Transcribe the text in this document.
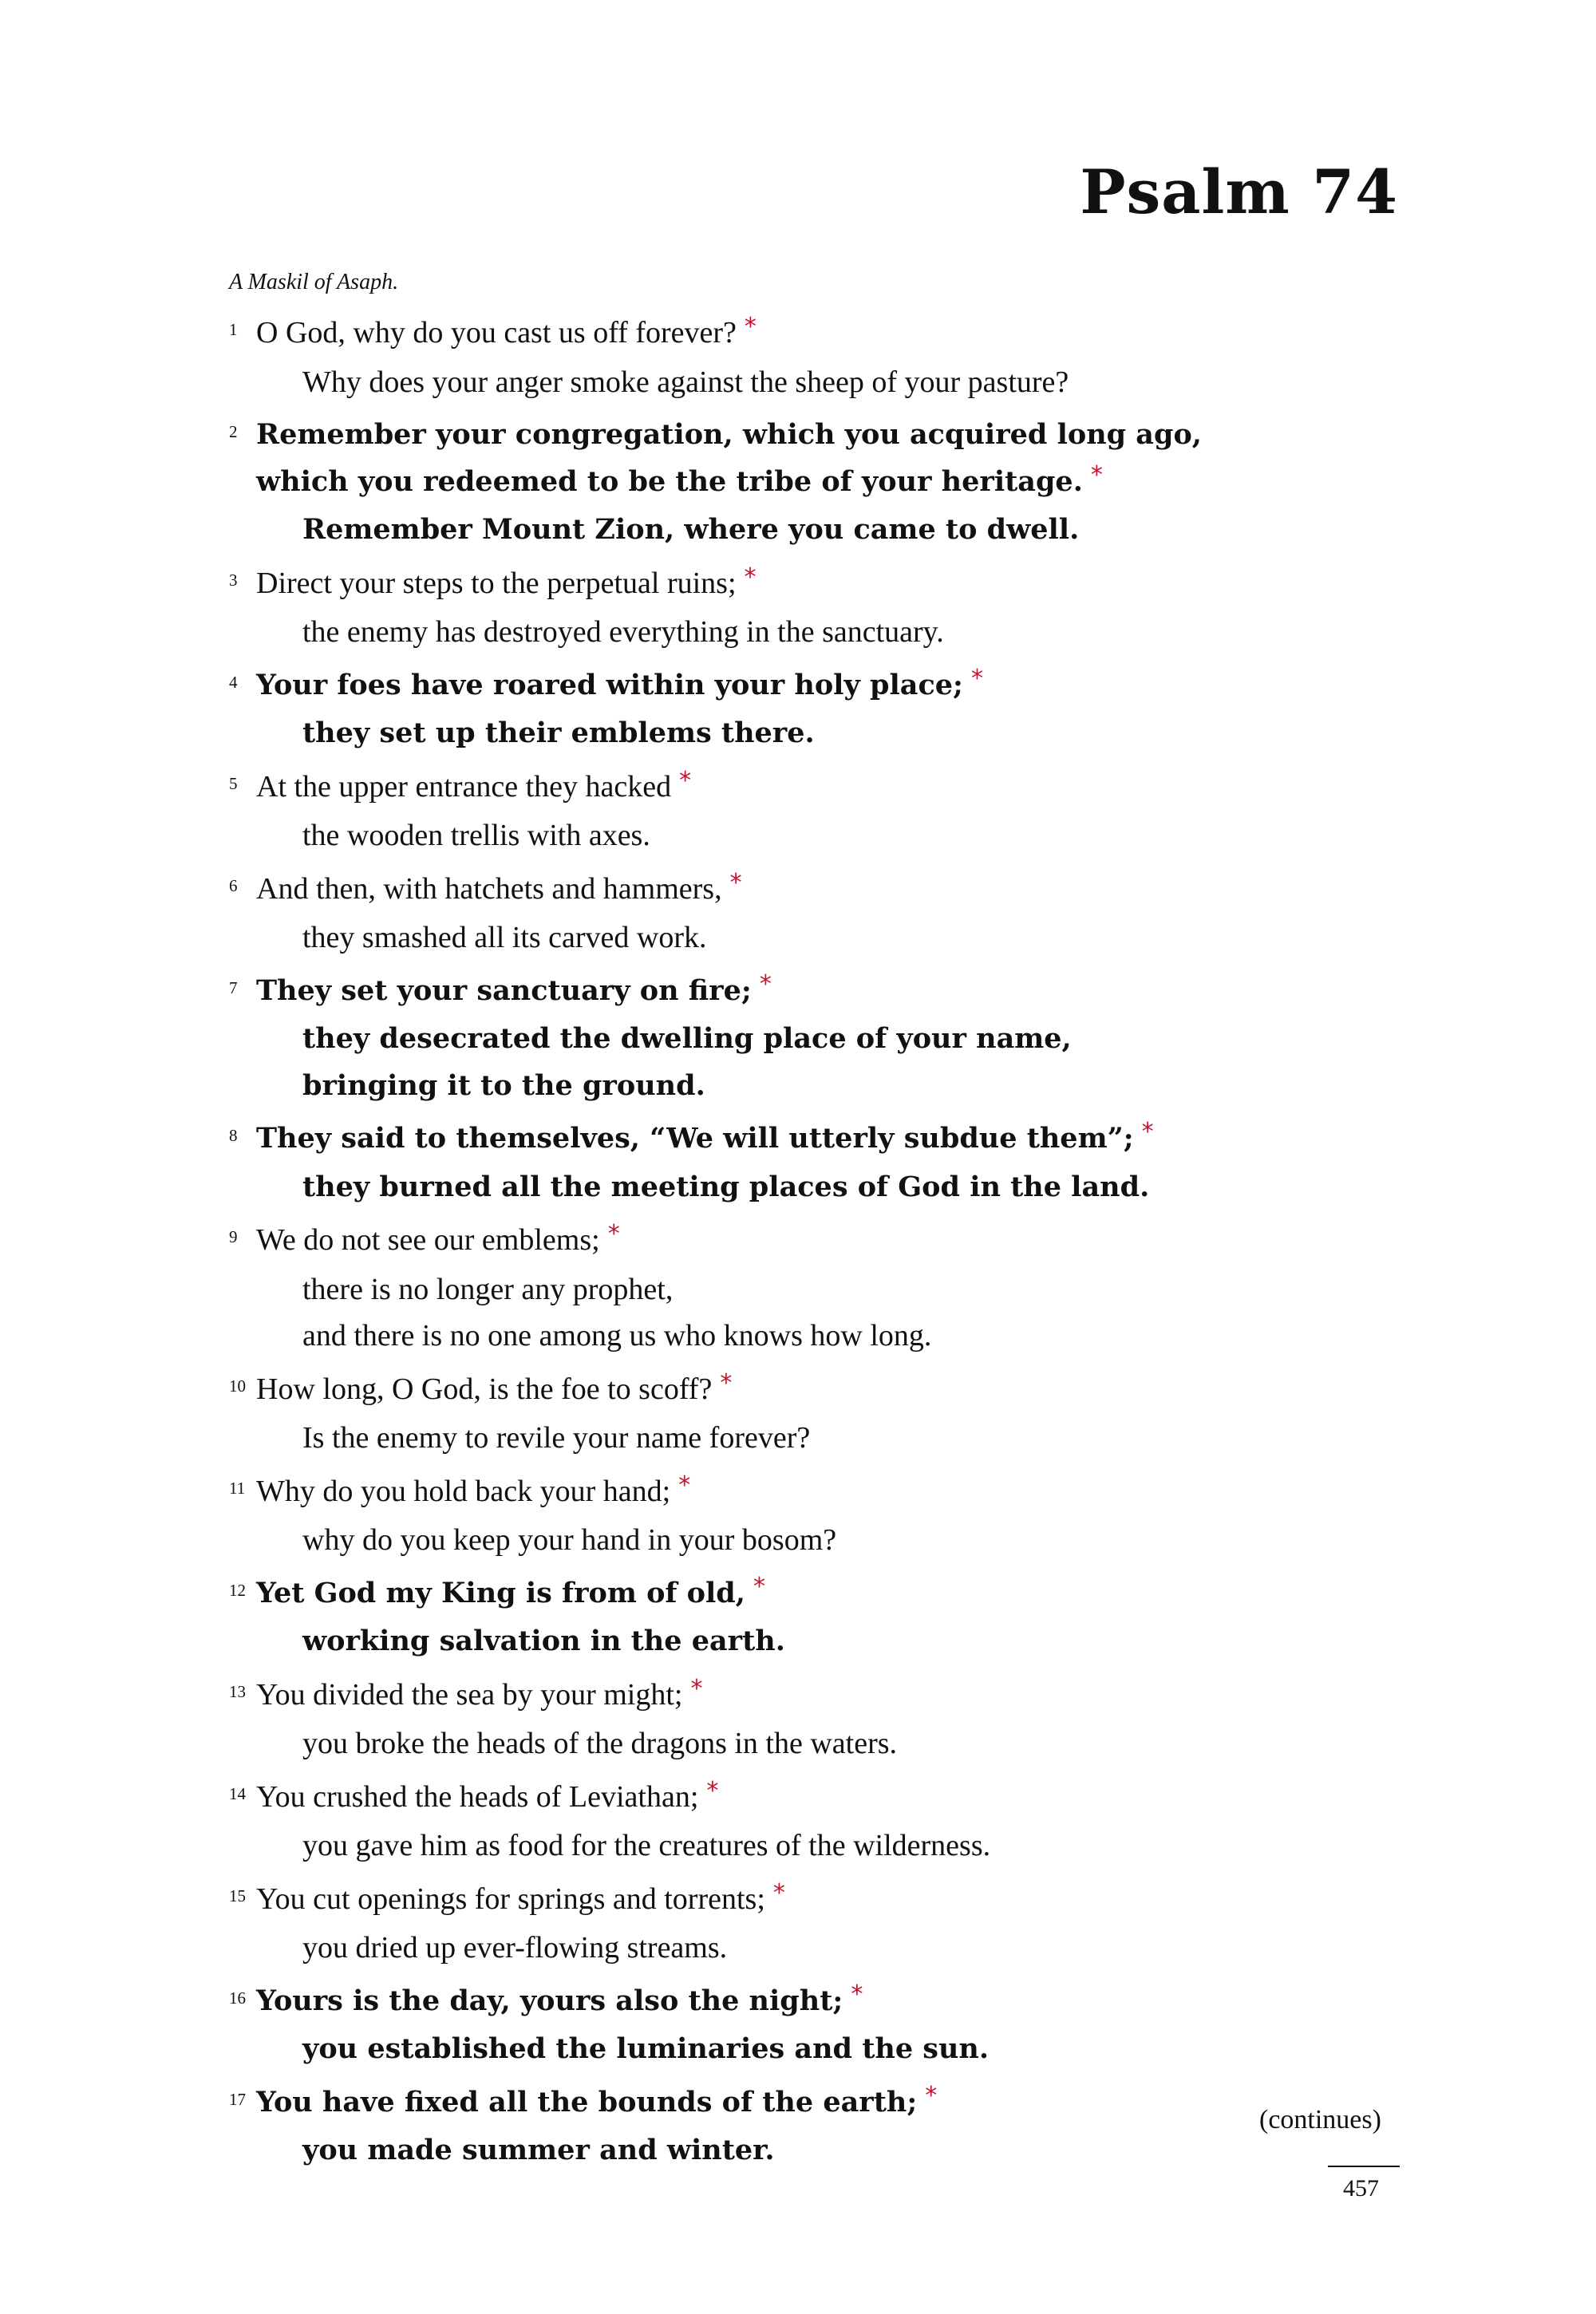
Psalm 74
A Maskil of Asaph.
1 O God, why do you cast us off forever? *
Why does your anger smoke against the sheep of your pasture?
2 Remember your congregation, which you acquired long ago,
which you redeemed to be the tribe of your heritage. *
Remember Mount Zion, where you came to dwell.
3 Direct your steps to the perpetual ruins; *
the enemy has destroyed everything in the sanctuary.
4 Your foes have roared within your holy place; *
they set up their emblems there.
5 At the upper entrance they hacked *
the wooden trellis with axes.
6 And then, with hatchets and hammers, *
they smashed all its carved work.
7 They set your sanctuary on fire; *
they desecrated the dwelling place of your name,
bringing it to the ground.
8 They said to themselves, “We will utterly subdue them”; *
they burned all the meeting places of God in the land.
9 We do not see our emblems; *
there is no longer any prophet,
and there is no one among us who knows how long.
10 How long, O God, is the foe to scoff? *
Is the enemy to revile your name forever?
11 Why do you hold back your hand; *
why do you keep your hand in your bosom?
12 Yet God my King is from of old, *
working salvation in the earth.
13 You divided the sea by your might; *
you broke the heads of the dragons in the waters.
14 You crushed the heads of Leviathan; *
you gave him as food for the creatures of the wilderness.
15 You cut openings for springs and torrents; *
you dried up ever-flowing streams.
16 Yours is the day, yours also the night; *
you established the luminaries and the sun.
17 You have fixed all the bounds of the earth; *
you made summer and winter.
(continues)
457
